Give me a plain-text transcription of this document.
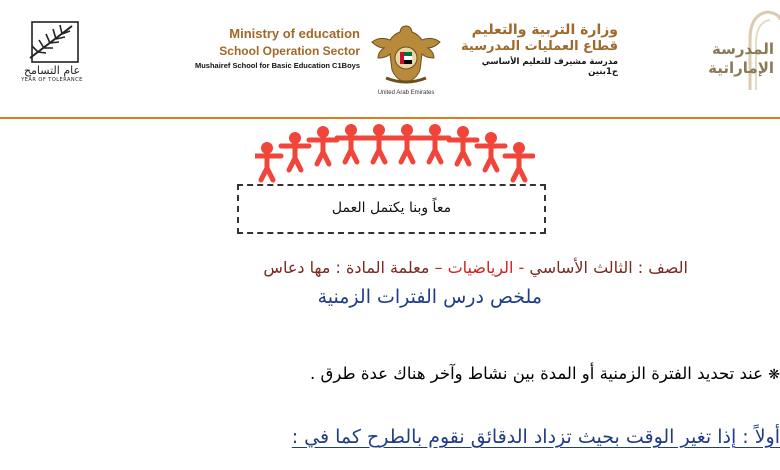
عام التسامح
YEAR OF TOLERANCE
Ministry of education
School Operation Sector
Mushairef School for Basic Education C1Boys
United Arab Emirates
وزارة التربية والتعليم
قطاع العمليات المدرسية
مدرسة مشيرف للتعليم الأساسي ح1بنين
المدرسة
الإماراتية
معاً وبنا يكتمل العمل
الصف : الثالث الأساسي - الرياضيات – معلمة المادة : مها دعاس
ملخص درس الفترات الزمنية
❋ عند تحديد الفترة الزمنية أو المدة بين نشاط وآخر هناك عدة طرق .
أولاً : إذا تغير الوقت بحيث تزداد الدقائق نقوم بالطرح كما في :
